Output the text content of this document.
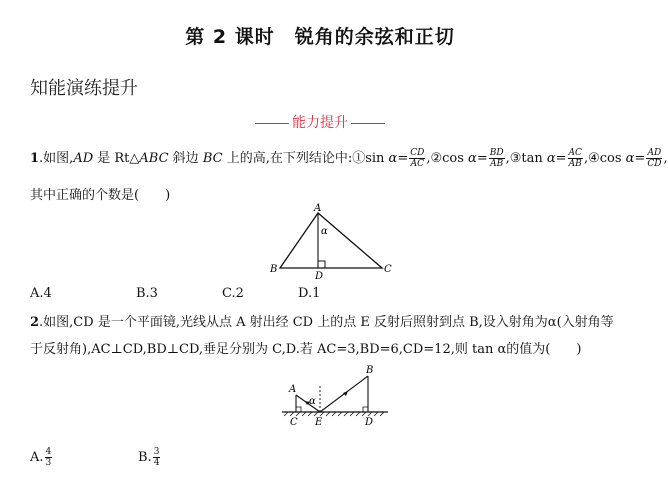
第 2 课时　锐角的余弦和正切
知能演练提升
能力提升
1.如图,AD 是 Rt△ABC 斜边 BC 上的高,在下列结论中:①sin $\alpha= \frac{CD}{AC}$ ,②cos $\alpha= \frac{BD}{AB}$ ,③tan $\alpha= \frac{AC}{AB}$ ,④cos $\alpha= \frac{AD}{CD}$ ,
其中正确的个数是(　　)
A
B	C
D
α
A.4	B.3	C.2	D.1
2.如图,CD 是一个平面镜,光线从点 A 射出经 CD 上的点 E 反射后照射到点 B,设入射角为α(入射角等
于反射角),AC⊥CD,BD⊥CD,垂足分别为 C,D.若 AC=3,BD=6,CD=12,则 tan α的值为(　　)
A
B
C	D
E
α
A. $\frac{4}{3}$	B. $\frac{3}{4}$
